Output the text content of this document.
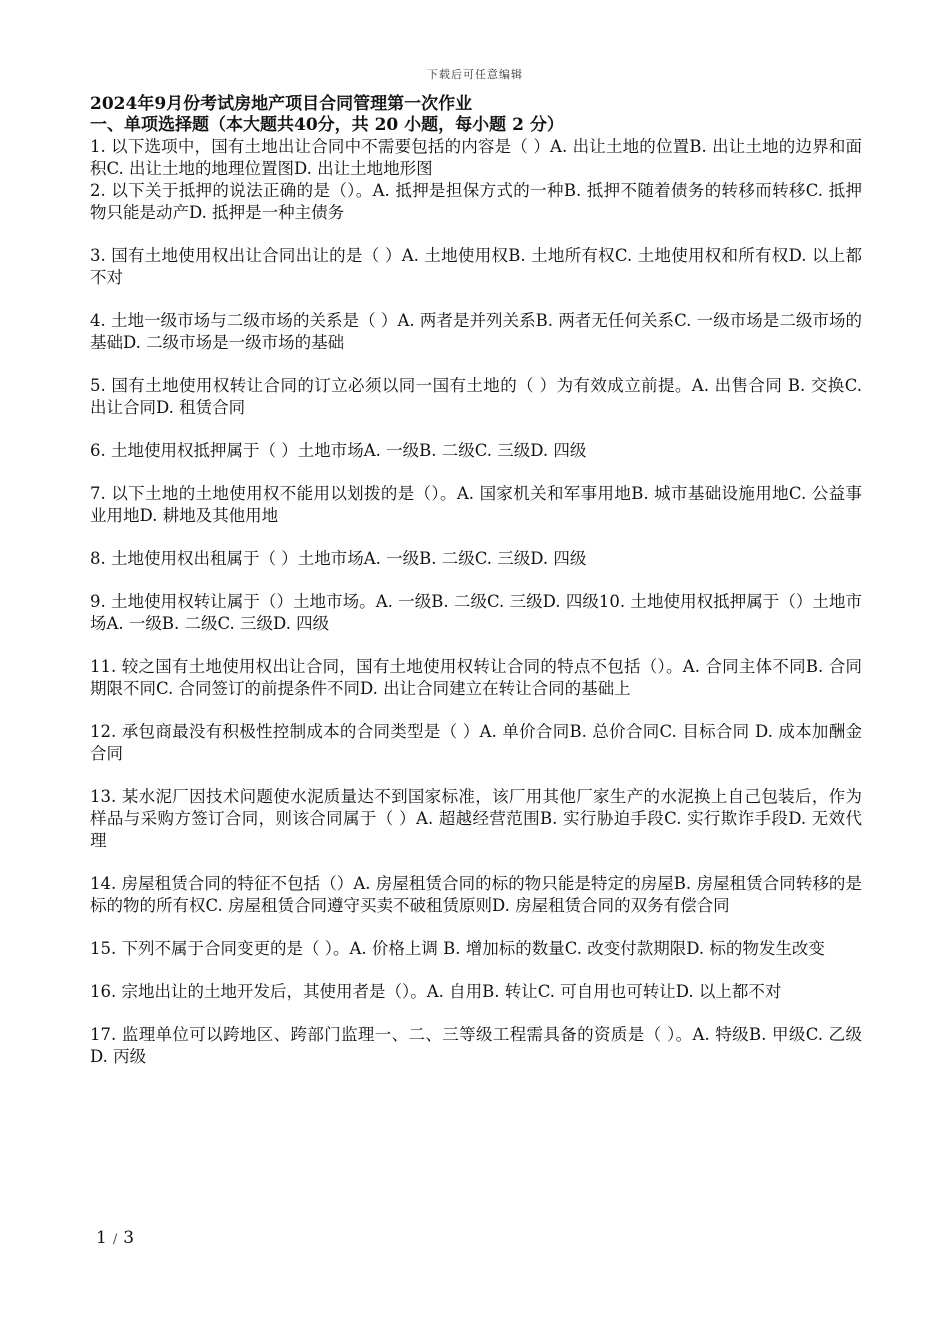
下载后可任意编辑

2024年9月份考试房地产项目合同管理第一次作业

一、单项选择题（本大题共40分，共 20 小题，每小题 2 分）

1. 以下选项中，国有土地出让合同中不需要包括的内容是（ ）A. 出让土地的位置B. 出让土地的边界和面积C. 出让土地的地理位置图D. 出让土地地形图

2. 以下关于抵押的说法正确的是（）。A. 抵押是担保方式的一种B. 抵押不随着债务的转移而转移C. 抵押物只能是动产D. 抵押是一种主债务

3. 国有土地使用权出让合同出让的是（ ）A. 土地使用权B. 土地所有权C. 土地使用权和所有权D. 以上都不对

4. 土地一级市场与二级市场的关系是（ ）A. 两者是并列关系B. 两者无任何关系C. 一级市场是二级市场的基础D. 二级市场是一级市场的基础

5. 国有土地使用权转让合同的订立必须以同一国有土地的（ ）为有效成立前提。A. 出售合同 B. 交换C. 出让合同D. 租赁合同

6. 土地使用权抵押属于（ ）土地市场A. 一级B. 二级C. 三级D. 四级

7. 以下土地的土地使用权不能用以划拨的是（）。A. 国家机关和军事用地B. 城市基础设施用地C. 公益事业用地D. 耕地及其他用地

8. 土地使用权出租属于（ ）土地市场A. 一级B. 二级C. 三级D. 四级

9. 土地使用权转让属于（）土地市场。A. 一级B. 二级C. 三级D. 四级10. 土地使用权抵押属于（）土地市场A. 一级B. 二级C. 三级D. 四级

11. 较之国有土地使用权出让合同，国有土地使用权转让合同的特点不包括（）。A. 合同主体不同B. 合同期限不同C. 合同签订的前提条件不同D. 出让合同建立在转让合同的基础上

12. 承包商最没有积极性控制成本的合同类型是（ ）A. 单价合同B. 总价合同C. 目标合同 D. 成本加酬金合同

13. 某水泥厂因技术问题使水泥质量达不到国家标准，该厂用其他厂家生产的水泥换上自己包装后，作为样品与采购方签订合同，则该合同属于（ ）A. 超越经营范围B. 实行胁迫手段C. 实行欺诈手段D. 无效代理

14. 房屋租赁合同的特征不包括（）A. 房屋租赁合同的标的物只能是特定的房屋B. 房屋租赁合同转移的是标的物的所有权C. 房屋租赁合同遵守买卖不破租赁原则D. 房屋租赁合同的双务有偿合同

15. 下列不属于合同变更的是（ ）。A. 价格上调 B. 增加标的数量C. 改变付款期限D. 标的物发生改变

16. 宗地出让的土地开发后，其使用者是（）。A. 自用B. 转让C. 可自用也可转让D. 以上都不对

17. 监理单位可以跨地区、跨部门监理一、二、三等级工程需具备的资质是（ ）。A. 特级B. 甲级C. 乙级D. 丙级

1 / 3
